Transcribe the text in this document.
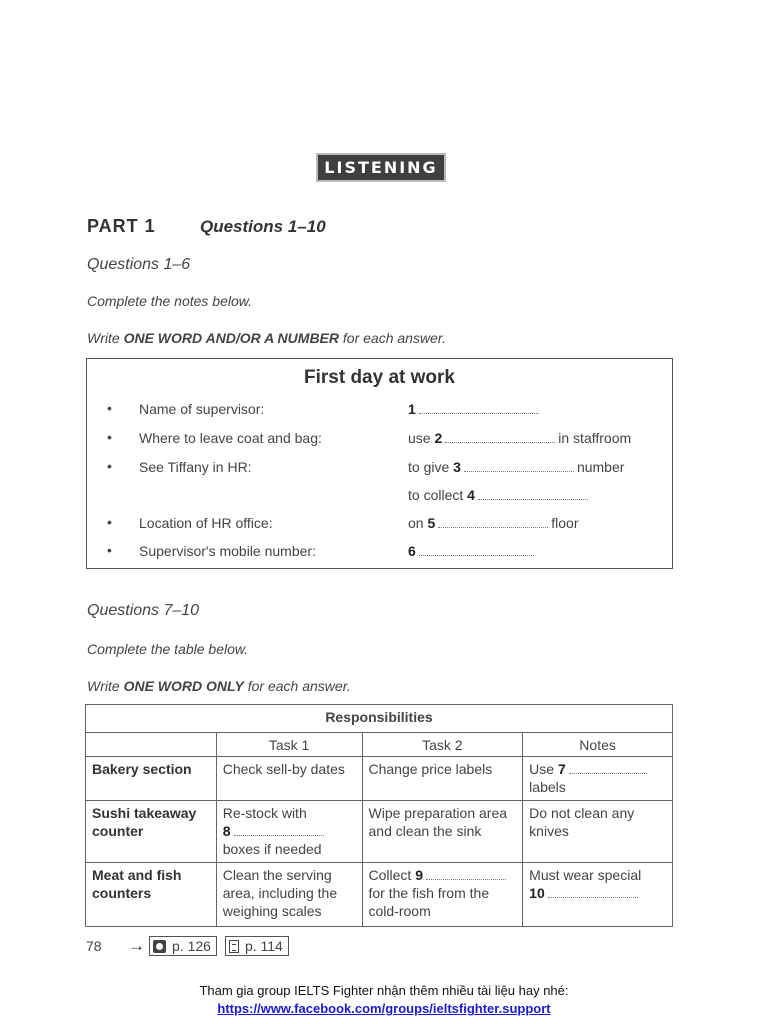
LISTENING
PART 1	Questions 1–10
Questions 1–6
Complete the notes below.
Write ONE WORD AND/OR A NUMBER for each answer.
First day at work
• Name of supervisor:	1
• Where to leave coat and bag:	use 2	in staffroom
• See Tiffany in HR:	to give 3	number
to collect 4
• Location of HR office:	on 5	floor
• Supervisor's mobile number:	6
Questions 7–10
Complete the table below.
Write ONE WORD ONLY for each answer.
Responsibilities			
	Task 1	Task 2	Notes
Bakery section	Check sell-by dates	Change price labels	Use 7
labels
Sushi takeaway counter	Re-stock with
8
boxes if needed	Wipe preparation area and clean the sink	Do not clean any knives
Meat and fish counters	Clean the serving area, including the weighing scales	Collect 9
for the fish from the cold-room	Must wear special
10
78	→ p. 126 p. 114
Tham gia group IELTS Fighter nhận thêm nhiều tài liệu hay nhé:
https://www.facebook.com/groups/ieltsfighter.support
